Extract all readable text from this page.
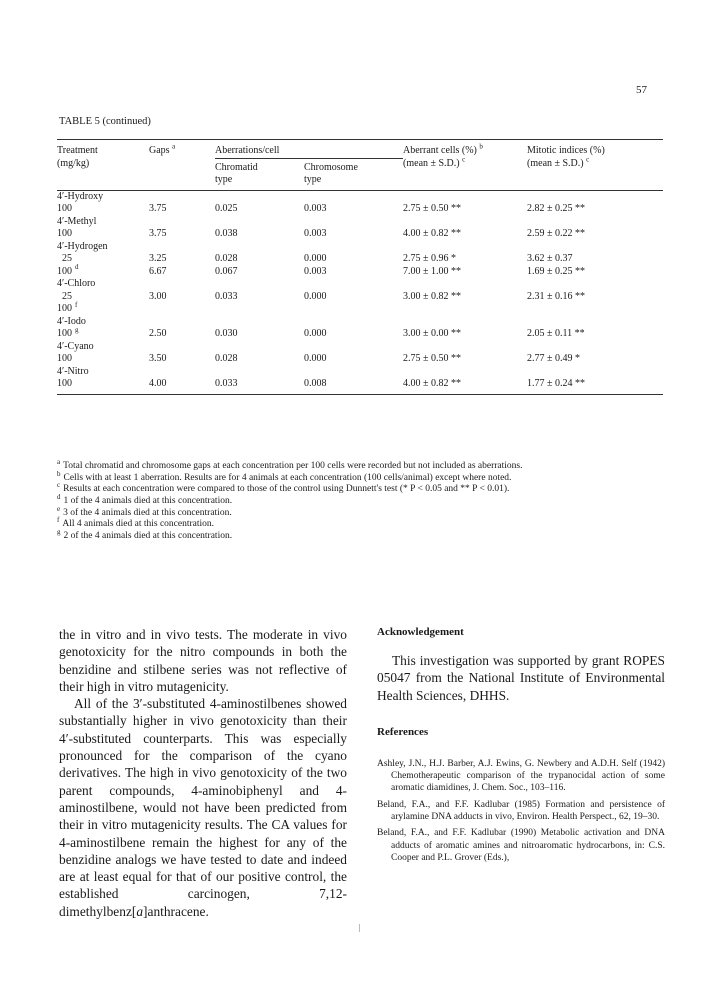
57
TABLE 5 (continued)
Treatment	Gaps $^a$	Aberrations/cell		Aberrant cells (%) $^b$	Mitotic indices (%)
(mg/kg)		Chromatid	Chromosome	(mean ± S.D.) $^c$	(mean ± S.D.) $^c$
		type	type		
4′-Hydroxy					
100	3.75	0.025	0.003	2.75 ± 0.50 **	2.82 ± 0.25 **
4′-Methyl					
100	3.75	0.038	0.003	4.00 ± 0.82 **	2.59 ± 0.22 **
4′-Hydrogen					
25	3.25	0.028	0.000	2.75 ± 0.96 *	3.62 ± 0.37
100 $^d$	6.67	0.067	0.003	7.00 ± 1.00 **	1.69 ± 0.25 **
4′-Chloro					
25	3.00	0.033	0.000	3.00 ± 0.82 **	2.31 ± 0.16 **
100 $^f$					
4′-Iodo					
100 $^g$	2.50	0.030	0.000	3.00 ± 0.00 **	2.05 ± 0.11 **
4′-Cyano					
100	3.50	0.028	0.000	2.75 ± 0.50 **	2.77 ± 0.49 *
4′-Nitro					
100	4.00	0.033	0.008	4.00 ± 0.82 **	1.77 ± 0.24 **
$^a$ Total chromatid and chromosome gaps at each concentration per 100 cells were recorded but not included as aberrations.
$^b$ Cells with at least 1 aberration. Results are for 4 animals at each concentration (100 cells/animal) except where noted.
$^c$ Results at each concentration were compared to those of the control using Dunnett's test (* P < 0.05 and ** P < 0.01).
$^d$ 1 of the 4 animals died at this concentration.
$^e$ 3 of the 4 animals died at this concentration.
$^f$ All 4 animals died at this concentration.
$^g$ 2 of the 4 animals died at this concentration.

the in vitro and in vivo tests. The moderate in vivo genotoxicity for the nitro compounds in both the benzidine and stilbene series was not reflective of their high in vitro mutagenicity.

All of the 3′-substituted 4-aminostilbenes showed substantially higher in vivo genotoxicity than their 4′-substituted counterparts. This was especially pronounced for the comparison of the cyano derivatives. The high in vivo genotoxicity of the two parent compounds, 4-aminobiphenyl and 4-aminostilbene, would not have been predicted from their in vitro mutagenicity results. The CA values for 4-aminostilbene remain the highest for any of the benzidine analogs we have tested to date and indeed are at least equal for that of our positive control, the established carcinogen, 7,12-dimethylbenz[a]anthracene.

Acknowledgement

This investigation was supported by grant ROPES 05047 from the National Institute of Environmental Health Sciences, DHHS.

References

Ashley, J.N., H.J. Barber, A.J. Ewins, G. Newbery and A.D.H. Self (1942) Chemotherapeutic comparison of the trypanocidal action of some aromatic diamidines, J. Chem. Soc., 103–116.
Beland, F.A., and F.F. Kadlubar (1985) Formation and persistence of arylamine DNA adducts in vivo, Environ. Health Perspect., 62, 19–30.
Beland, F.A., and F.F. Kadlubar (1990) Metabolic activation and DNA adducts of aromatic amines and nitroaromatic hydrocarbons, in: C.S. Cooper and P.L. Grover (Eds.),
